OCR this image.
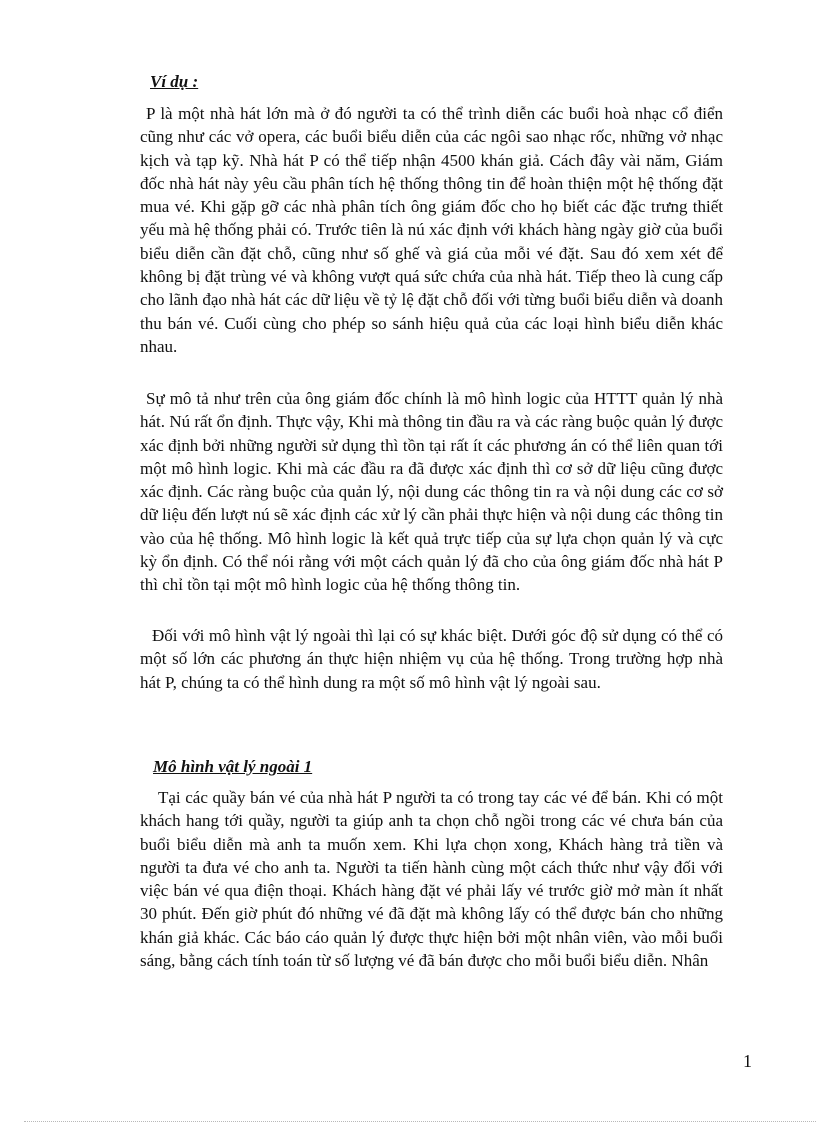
Ví dụ :

P là một nhà hát lớn mà ở đó người ta có thể trình diễn các buổi hoà nhạc cổ điển cũng như các vở opera, các buổi biểu diễn của các ngôi sao nhạc rốc, những vở nhạc kịch và tạp kỹ. Nhà hát P có thể tiếp nhận 4500 khán giả. Cách đây vài năm, Giám đốc nhà hát này yêu cầu phân tích hệ thống thông tin để hoàn thiện một hệ thống đặt mua vé. Khi gặp gỡ các nhà phân tích ông giám đốc cho họ biết các đặc trưng thiết yếu mà hệ thống phải có. Trước tiên là nú xác định với khách hàng ngày giờ của buổi biểu diễn cần đặt chỗ, cũng như số ghế và giá của mỗi vé đặt. Sau đó xem xét để không bị đặt trùng vé và không vượt quá sức chứa của nhà hát. Tiếp theo là cung cấp cho lãnh đạo nhà hát các dữ liệu về tỷ lệ đặt chỗ đối với từng buổi biểu diễn và doanh thu bán vé. Cuối cùng cho phép so sánh hiệu quả của các loại hình biểu diễn khác nhau.

Sự mô tả như trên của ông giám đốc chính là mô hình logic của HTTT quản lý nhà hát. Nú rất ổn định. Thực vậy, Khi mà thông tin đầu ra và các ràng buộc quản lý được xác định bởi những người sử dụng thì tồn tại rất ít các phương án có thể liên quan tới một mô hình logic. Khi mà các đầu ra đã được xác định thì cơ sở dữ liệu cũng được xác định. Các ràng buộc của quản lý, nội dung các thông tin ra và nội dung các cơ sở dữ liệu đến lượt nú sẽ xác định các xử lý cần phải thực hiện và nội dung các thông tin vào của hệ thống. Mô hình logic là kết quả trực tiếp của sự lựa chọn quản lý và cực kỳ ổn định. Có thể nói rằng với một cách quản lý đã cho của ông giám đốc nhà hát P thì chỉ tồn tại một mô hình logic của hệ thống thông tin.

Đối với mô hình vật lý ngoài thì lại có sự khác biệt. Dưới góc độ sử dụng có thể có một số lớn các phương án thực hiện nhiệm vụ của hệ thống. Trong trường hợp nhà hát P, chúng ta có thể hình dung ra một số mô hình vật lý ngoài sau.

Mô hình vật lý ngoài 1

Tại các quầy bán vé của nhà hát P người ta có trong tay các vé để bán. Khi có một khách hang tới quầy, người ta giúp anh ta chọn chỗ ngồi trong các vé chưa bán của buổi biểu diễn mà anh ta muốn xem. Khi lựa chọn xong, Khách hàng trả tiền và người ta đưa vé cho anh ta. Người ta tiến hành cùng một cách thức như vậy đối với việc bán vé qua điện thoại. Khách hàng đặt vé phải lấy vé trước giờ mở màn ít nhất 30 phút. Đến giờ phút đó những vé đã đặt mà không lấy có thể được bán cho những khán giả khác. Các báo cáo quản lý được thực hiện bởi một nhân viên, vào mỗi buổi sáng, bằng cách tính toán từ số lượng vé đã bán được cho mỗi buổi biểu diễn. Nhân

1
